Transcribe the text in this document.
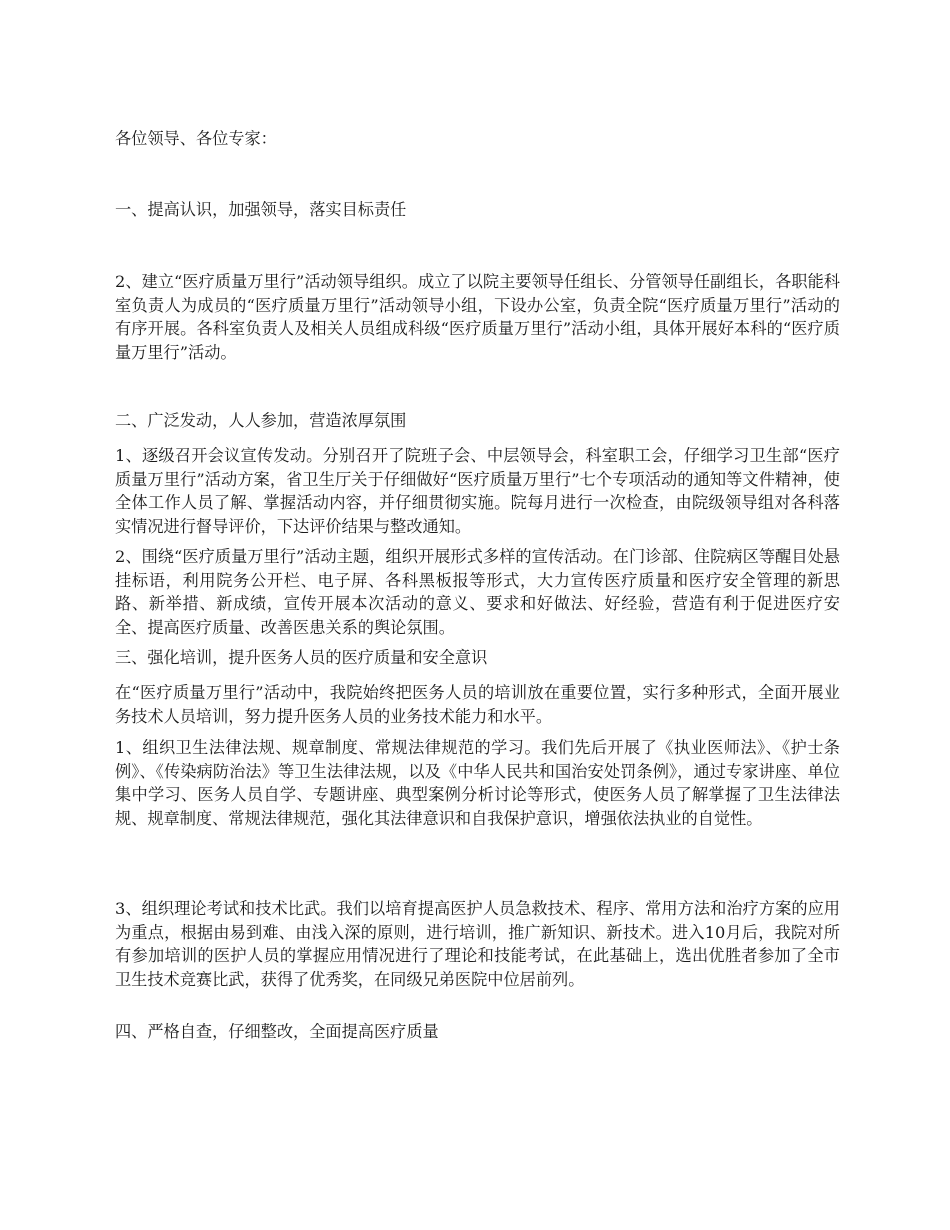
各位领导、各位专家：

一、提高认识，加强领导，落实目标责任

2、建立“医疗质量万里行”活动领导组织。成立了以院主要领导任组长、分管领导任副组长，各职能科室负责人为成员的“医疗质量万里行”活动领导小组，下设办公室，负责全院“医疗质量万里行”活动的有序开展。各科室负责人及相关人员组成科级“医疗质量万里行”活动小组，具体开展好本科的“医疗质量万里行”活动。

二、广泛发动，人人参加，营造浓厚氛围

1、逐级召开会议宣传发动。分别召开了院班子会、中层领导会，科室职工会，仔细学习卫生部“医疗质量万里行”活动方案，省卫生厅关于仔细做好“医疗质量万里行”七个专项活动的通知等文件精神，使全体工作人员了解、掌握活动内容，并仔细贯彻实施。院每月进行一次检查，由院级领导组对各科落实情况进行督导评价，下达评价结果与整改通知。

2、围绕“医疗质量万里行”活动主题，组织开展形式多样的宣传活动。在门诊部、住院病区等醒目处悬挂标语，利用院务公开栏、电子屏、各科黑板报等形式，大力宣传医疗质量和医疗安全管理的新思路、新举措、新成绩，宣传开展本次活动的意义、要求和好做法、好经验，营造有利于促进医疗安全、提高医疗质量、改善医患关系的舆论氛围。

三、强化培训，提升医务人员的医疗质量和安全意识

在“医疗质量万里行”活动中，我院始终把医务人员的培训放在重要位置，实行多种形式，全面开展业务技术人员培训，努力提升医务人员的业务技术能力和水平。

1、组织卫生法律法规、规章制度、常规法律规范的学习。我们先后开展了《执业医师法》、《护士条例》、《传染病防治法》等卫生法律法规，以及《中华人民共和国治安处罚条例》，通过专家讲座、单位集中学习、医务人员自学、专题讲座、典型案例分析讨论等形式，使医务人员了解掌握了卫生法律法规、规章制度、常规法律规范，强化其法律意识和自我保护意识，增强依法执业的自觉性。

3、组织理论考试和技术比武。我们以培育提高医护人员急救技术、程序、常用方法和治疗方案的应用为重点，根据由易到难、由浅入深的原则，进行培训，推广新知识、新技术。进入10月后，我院对所有参加培训的医护人员的掌握应用情况进行了理论和技能考试，在此基础上，选出优胜者参加了全市卫生技术竞赛比武，获得了优秀奖，在同级兄弟医院中位居前列。

四、严格自查，仔细整改，全面提高医疗质量
